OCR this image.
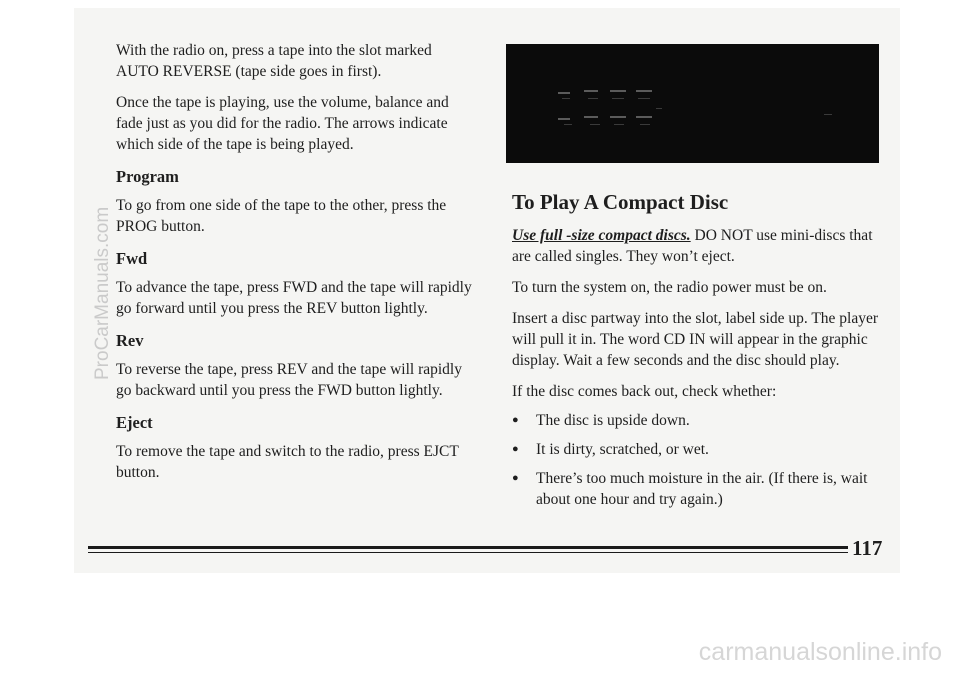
With the radio on, press a tape into the slot marked AUTO REVERSE (tape side goes in first).

Once the tape is playing, use the volume, balance and fade just as you did for the radio. The arrows indicate which side of the tape is being played.

Program

To go from one side of the tape to the other, press the PROG button.

Fwd

To advance the tape, press FWD and the tape will rapidly go forward until you press the REV button lightly.

Rev

To reverse the tape, press REV and the tape will rapidly go backward until you press the FWD button lightly.

Eject

To remove the tape and switch to the radio, press EJCT button.

To Play A Compact Disc

Use full -size compact discs. DO NOT use mini-discs that are called singles. They won’t eject.

To turn the system on, the radio power must be on.

Insert a disc partway into the slot, label side up. The player will pull it in. The word CD IN will appear in the graphic display. Wait a few seconds and the disc should play.

If the disc comes back out, check whether:

● The disc is upside down.
● It is dirty, scratched, or wet.
● There’s too much moisture in the air. (If there is, wait about one hour and try again.)
ProCarManuals.com
117
carmanualsonline.info
